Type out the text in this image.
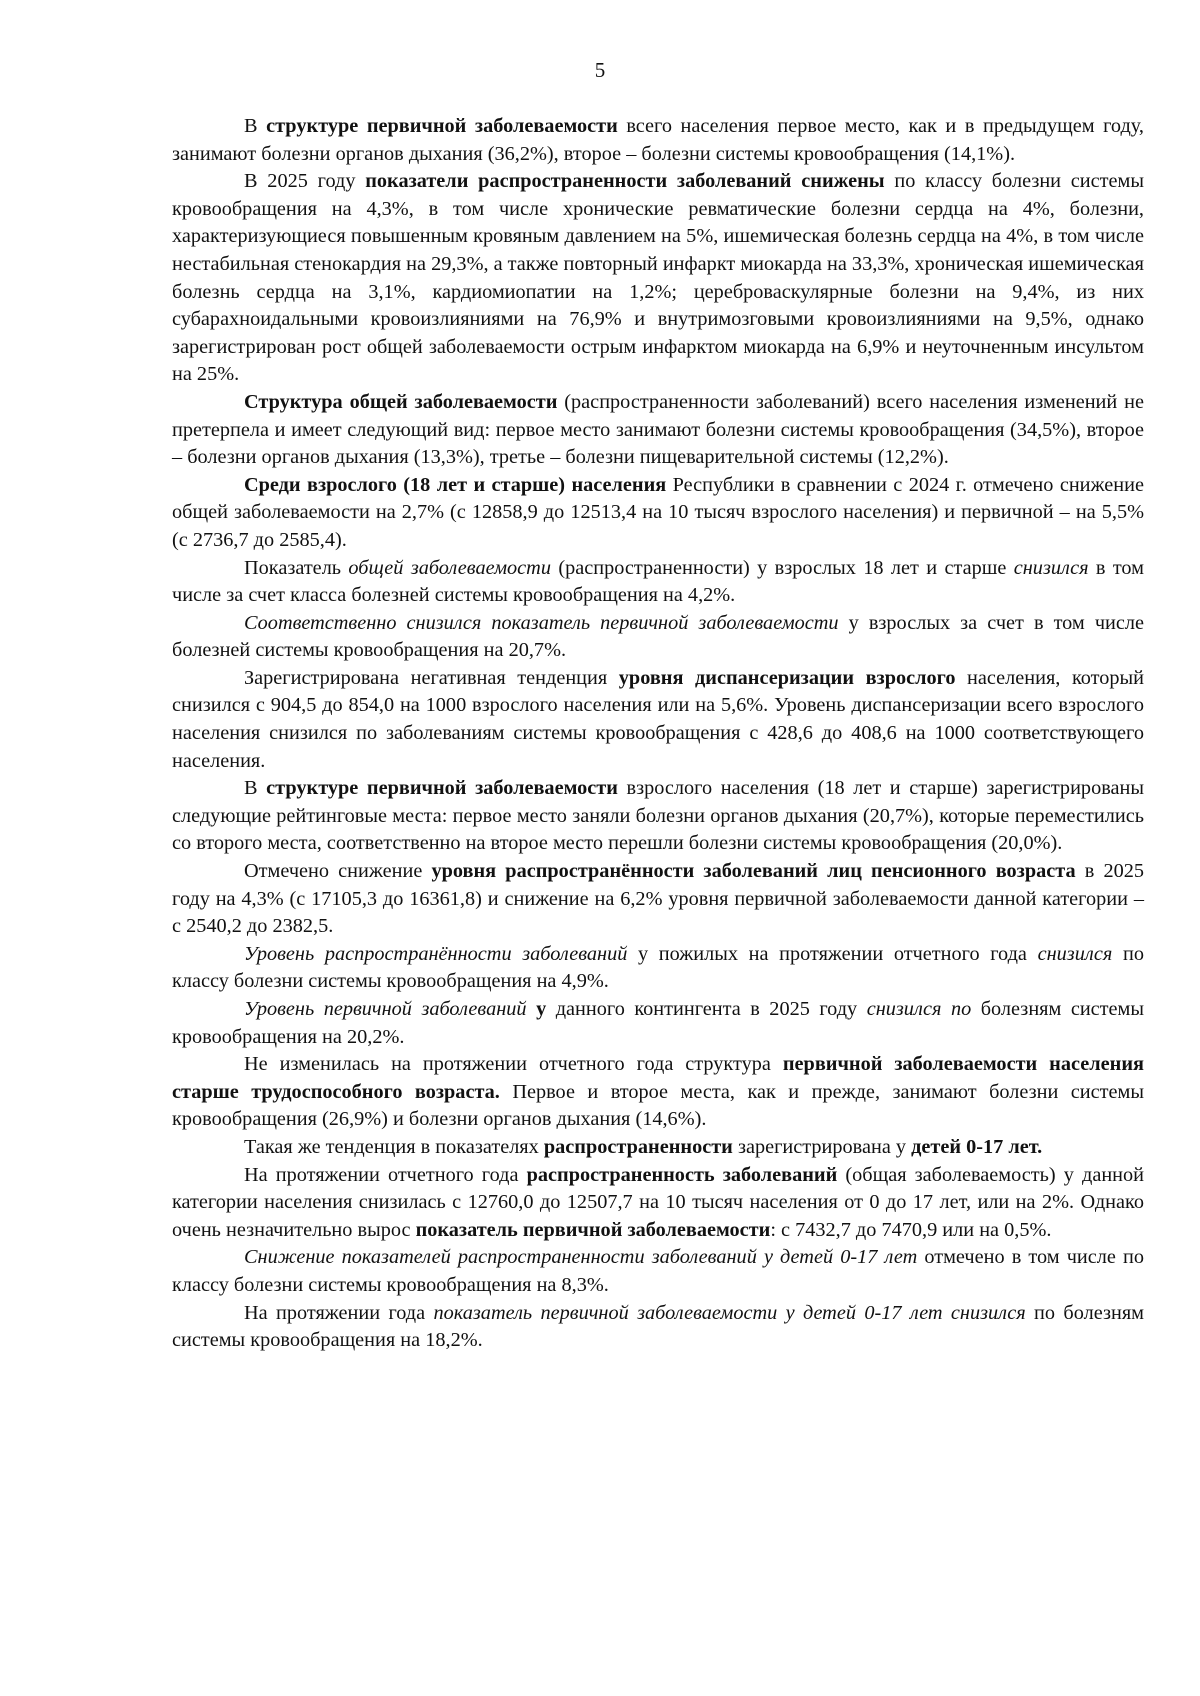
5

В структуре первичной заболеваемости всего населения первое место, как и в предыдущем году, занимают болезни органов дыхания (36,2%), второе – болезни системы кровообращения (14,1%).

В 2025 году показатели распространенности заболеваний снижены по классу болезни системы кровообращения на 4,3%, в том числе хронические ревматические болезни сердца на 4%, болезни, характеризующиеся повышенным кровяным давлением на 5%, ишемическая болезнь сердца на 4%, в том числе нестабильная стенокардия на 29,3%, а также повторный инфаркт миокарда на 33,3%, хроническая ишемическая болезнь сердца на 3,1%, кардиомиопатии на 1,2%; цереброваскулярные болезни на 9,4%, из них субарахноидальными кровоизлияниями на 76,9% и внутримозговыми кровоизлияниями на 9,5%, однако зарегистрирован рост общей заболеваемости острым инфарктом миокарда на 6,9% и неуточненным инсультом на 25%.

Структура общей заболеваемости (распространенности заболеваний) всего населения изменений не претерпела и имеет следующий вид: первое место занимают болезни системы кровообращения (34,5%), второе – болезни органов дыхания (13,3%), третье – болезни пищеварительной системы (12,2%).

Среди взрослого (18 лет и старше) населения Республики в сравнении с 2024 г. отмечено снижение общей заболеваемости на 2,7% (с 12858,9 до 12513,4 на 10 тысяч взрослого населения) и первичной – на 5,5% (с 2736,7 до 2585,4).

Показатель общей заболеваемости (распространенности) у взрослых 18 лет и старше снизился в том числе за счет класса болезней системы кровообращения на 4,2%.

Соответственно снизился показатель первичной заболеваемости у взрослых за счет в том числе болезней системы кровообращения на 20,7%.

Зарегистрирована негативная тенденция уровня диспансеризации взрослого населения, который снизился с 904,5 до 854,0 на 1000 взрослого населения или на 5,6%. Уровень диспансеризации всего взрослого населения снизился по заболеваниям системы кровообращения с 428,6 до 408,6 на 1000 соответствующего населения.

В структуре первичной заболеваемости взрослого населения (18 лет и старше) зарегистрированы следующие рейтинговые места: первое место заняли болезни органов дыхания (20,7%), которые переместились со второго места, соответственно на второе место перешли болезни системы кровообращения (20,0%).

Отмечено снижение уровня распространённости заболеваний лиц пенсионного возраста в 2025 году на 4,3% (с 17105,3 до 16361,8) и снижение на 6,2% уровня первичной заболеваемости данной категории – с 2540,2 до 2382,5.

Уровень распространённости заболеваний у пожилых на протяжении отчетного года снизился по классу болезни системы кровообращения на 4,9%.

Уровень первичной заболеваний у данного контингента в 2025 году снизился по болезням системы кровообращения на 20,2%.

Не изменилась на протяжении отчетного года структура первичной заболеваемости населения старше трудоспособного возраста. Первое и второе места, как и прежде, занимают болезни системы кровообращения (26,9%) и болезни органов дыхания (14,6%).

Такая же тенденция в показателях распространенности зарегистрирована у детей 0-17 лет.

На протяжении отчетного года распространенность заболеваний (общая заболеваемость) у данной категории населения снизилась с 12760,0 до 12507,7 на 10 тысяч населения от 0 до 17 лет, или на 2%. Однако очень незначительно вырос показатель первичной заболеваемости: с 7432,7 до 7470,9 или на 0,5%.

Снижение показателей распространенности заболеваний у детей 0-17 лет отмечено в том числе по классу болезни системы кровообращения на 8,3%.

На протяжении года показатель первичной заболеваемости у детей 0-17 лет снизился по болезням системы кровообращения на 18,2%.
